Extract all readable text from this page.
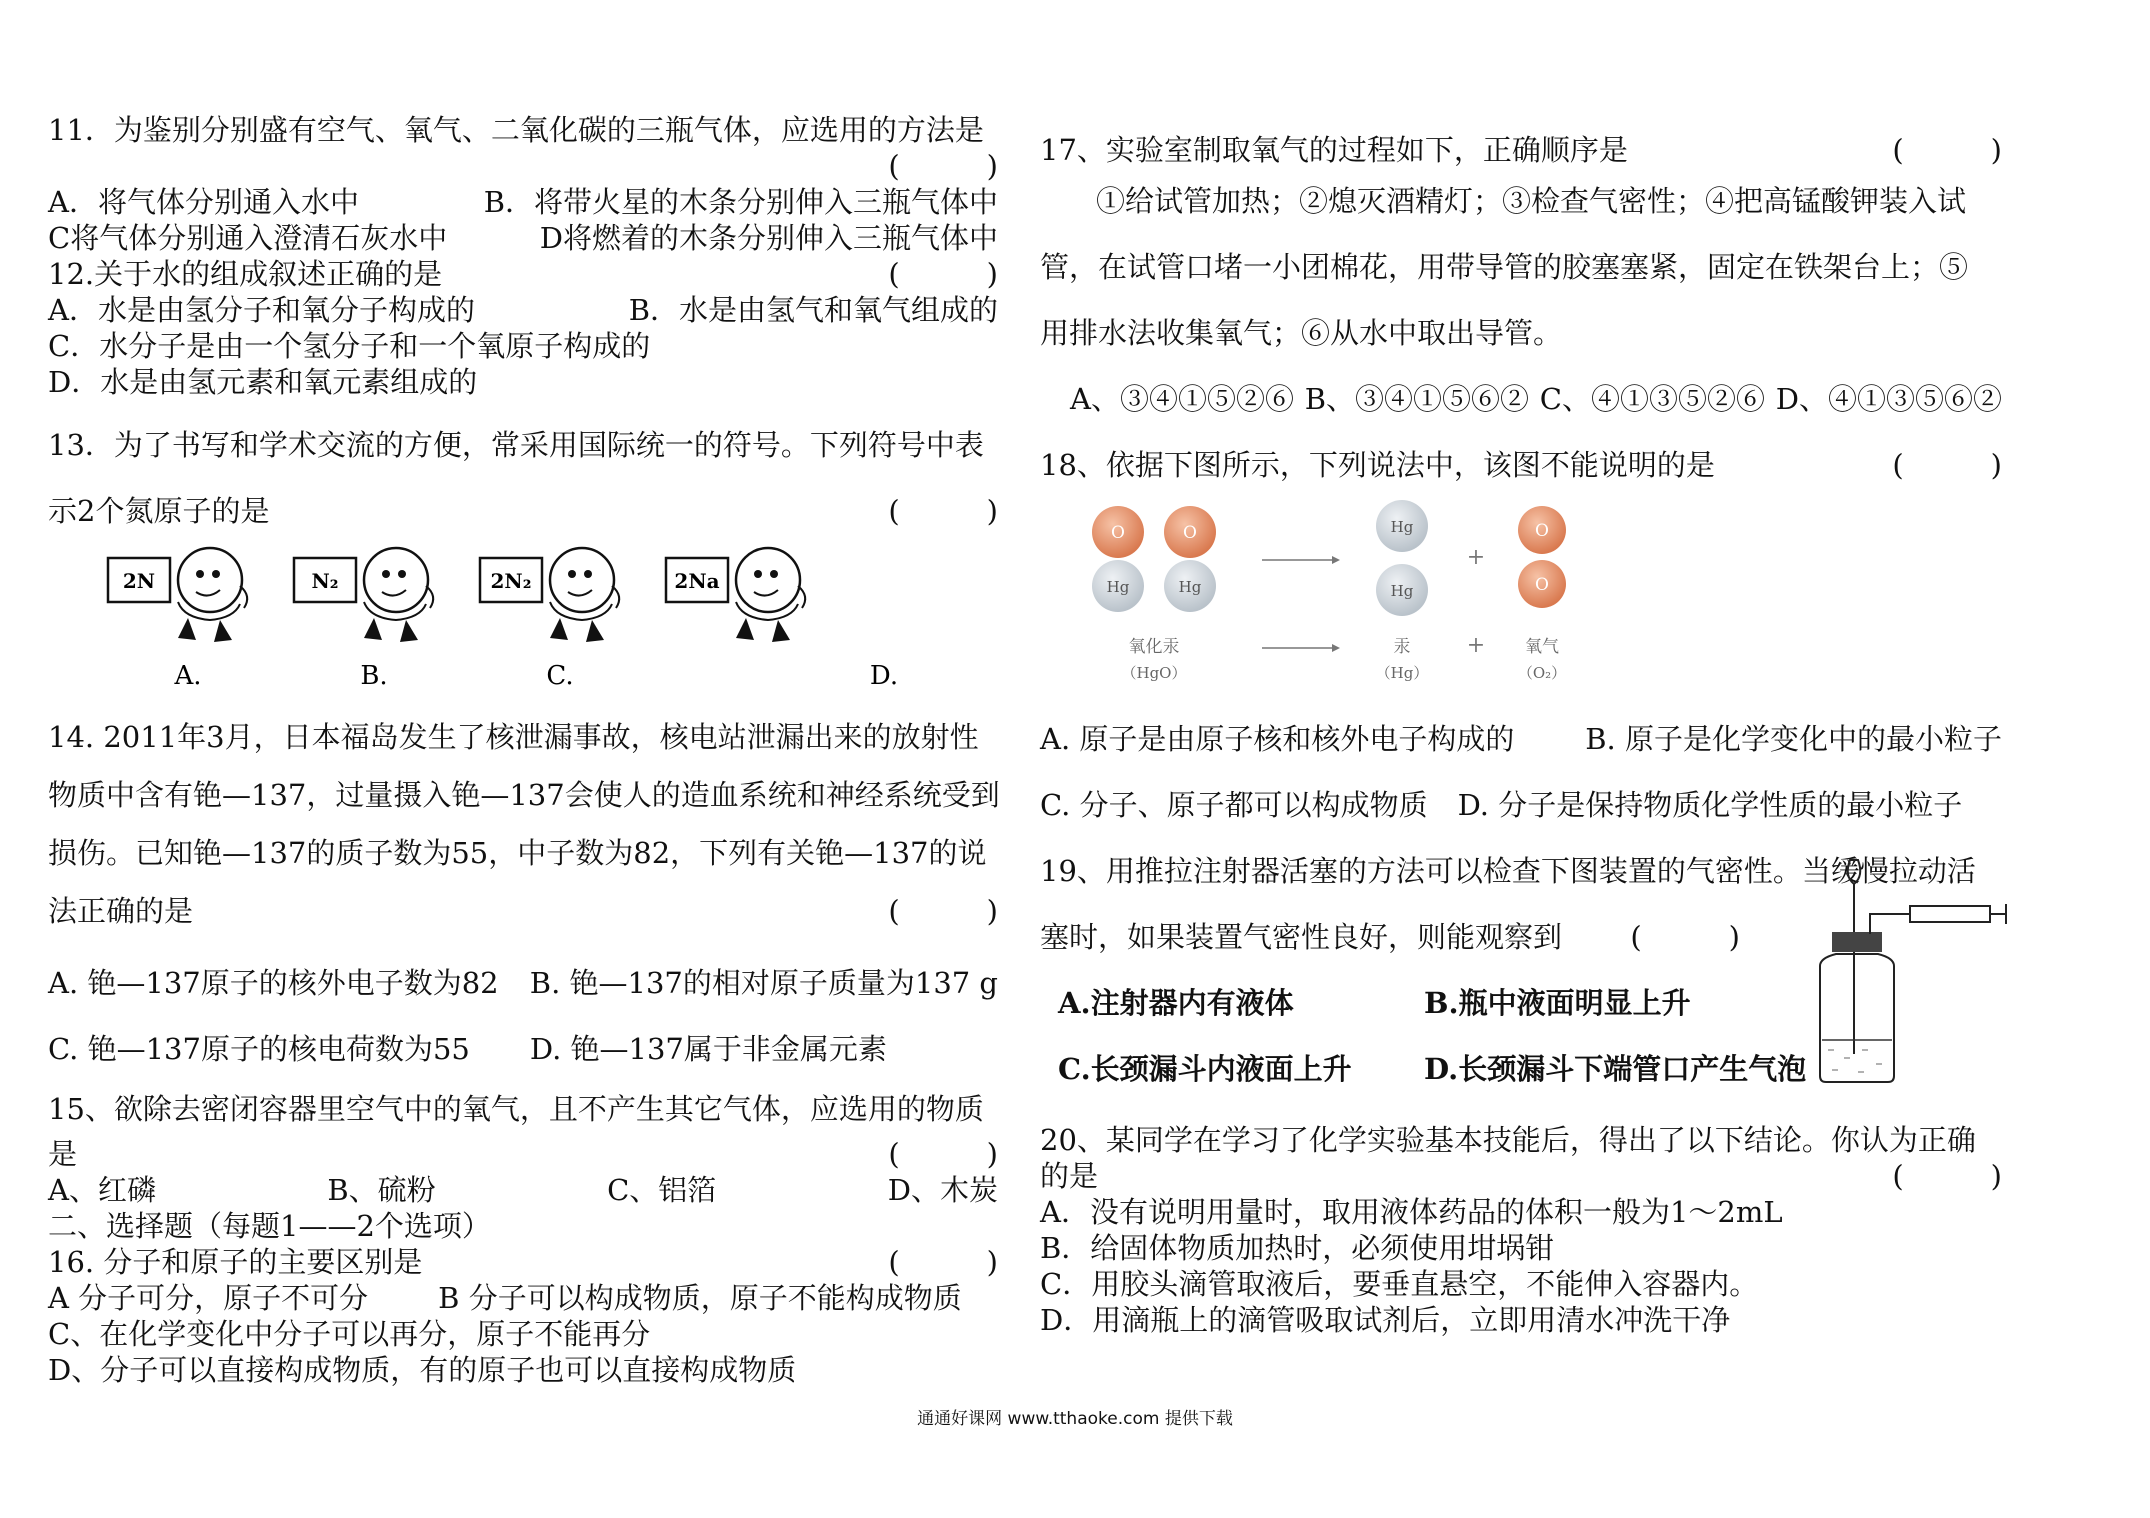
11．为鉴别分别盛有空气、氧气、二氧化碳的三瓶气体，应选用的方法是

(　　　)
A．将气体分别通入水中	B．将带火星的木条分别伸入三瓶气体中
C将气体分别通入澄清石灰水中	D将燃着的木条分别伸入三瓶气体中
12.关于水的组成叙述正确的是	(　　　)
A．水是由氢分子和氧分子构成的	B．水是由氢气和氧气组成的

C．水分子是由一个氢分子和一个氧原子构成的

D．水是由氢元素和氧元素组成的

13．为了书写和学术交流的方便，常采用国际统一的符号。下列符号中表

示2个氮原子的是	(　　　)
2N
A.
N₂
B.
2N₂
C.
2Na
D.

14. 2011年3月，日本福岛发生了核泄漏事故，核电站泄漏出来的放射性

物质中含有铯—137，过量摄入铯—137会使人的造血系统和神经系统受到

损伤。已知铯—137的质子数为55，中子数为82，下列有关铯—137的说

法正确的是	(　　　)
A. 铯—137原子的核外电子数为82 B. 铯—137的相对原子质量为137 g
C. 铯—137原子的核电荷数为55 D. 铯—137属于非金属元素

15、欲除去密闭容器里空气中的氧气，且不产生其它气体，应选用的物质

是	(　　　)
A、红磷	B、硫粉	C、铝箔	D、木炭

二、选择题（每题1——2个选项）

16. 分子和原子的主要区别是	(　　　)
A 分子可分，原子不可分 B 分子可以构成物质，原子不能构成物质

C、在化学变化中分子可以再分，原子不能再分

D、分子可以直接构成物质，有的原子也可以直接构成物质

17、实验室制取氧气的过程如下，正确顺序是	(　　　)

①给试管加热；②熄灭酒精灯；③检查气密性；④把高锰酸钾装入试

管，在试管口堵一小团棉花，用带导管的胶塞塞紧，固定在铁架台上；⑤

用排水法收集氧气；⑥从水中取出导管。

A、③④①⑤②⑥ B、③④①⑤⑥② C、④①③⑤②⑥ D、④①③⑤⑥②
18、依据下图所示，下列说法中，该图不能说明的是	(　　　)
O
Hg
O
Hg
Hg
Hg
+
+
O
O
氧化汞
（HgO）
汞
（Hg）
氧气
（O₂）
A. 原子是由原子核和核外电子构成的 B. 原子是化学变化中的最小粒子
C. 分子、原子都可以构成物质 D. 分子是保持物质化学性质的最小粒子

19、用推拉注射器活塞的方法可以检查下图装置的气密性。当缓慢拉动活

塞时，如果装置气密性良好，则能观察到 (　　　)
A.注射器内有液体	B.瓶中液面明显上升
C.长颈漏斗内液面上升 D.长颈漏斗下端管口产生气泡

20、某同学在学习了化学实验基本技能后，得出了以下结论。你认为正确

的是	(　　　)

A．没有说明用量时，取用液体药品的体积一般为1～2mL

B．给固体物质加热时，必须使用坩埚钳

C．用胶头滴管取液后，要垂直悬空，不能伸入容器内。

D．用滴瓶上的滴管吸取试剂后，立即用清水冲洗干净

通通好课网 www.tthaoke.com 提供下载
